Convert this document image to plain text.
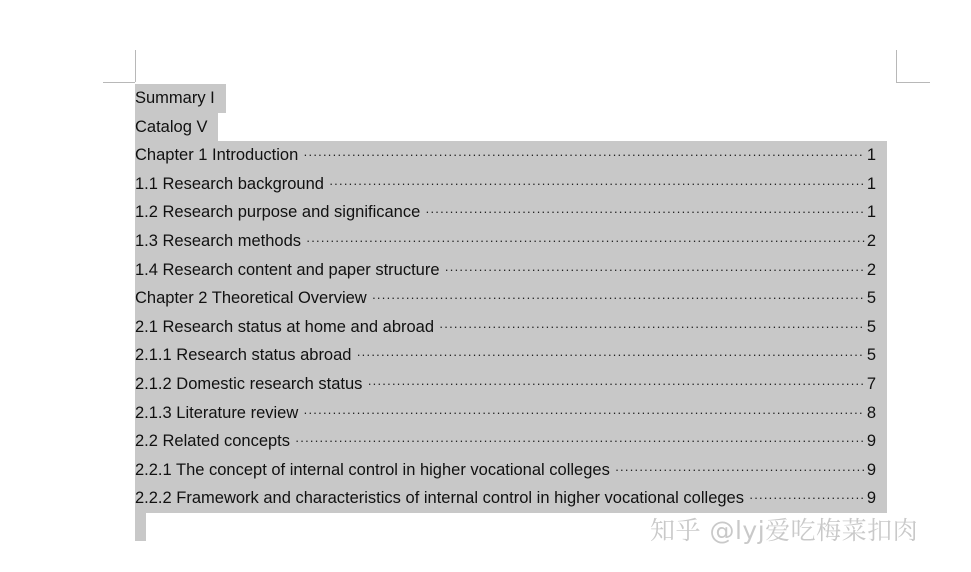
Summary I
Catalog V
Chapter 1 Introduction ·····	1
1.1 Research background ·····	1
1.2 Research purpose and significance ·····	1
1.3 Research methods ·····	2
1.4 Research content and paper structure ·····	2
Chapter 2 Theoretical Overview ·····	5
2.1 Research status at home and abroad ·····	5
2.1.1 Research status abroad ·····	5
2.1.2 Domestic research status ·····	7
2.1.3 Literature review ·····	8
2.2 Related concepts ·····	9
2.2.1 The concept of internal control in higher vocational colleges ·····	9
2.2.2 Framework and characteristics of internal control in higher vocational colleges ·····	9
知乎 @lyj爱吃梅菜扣肉
